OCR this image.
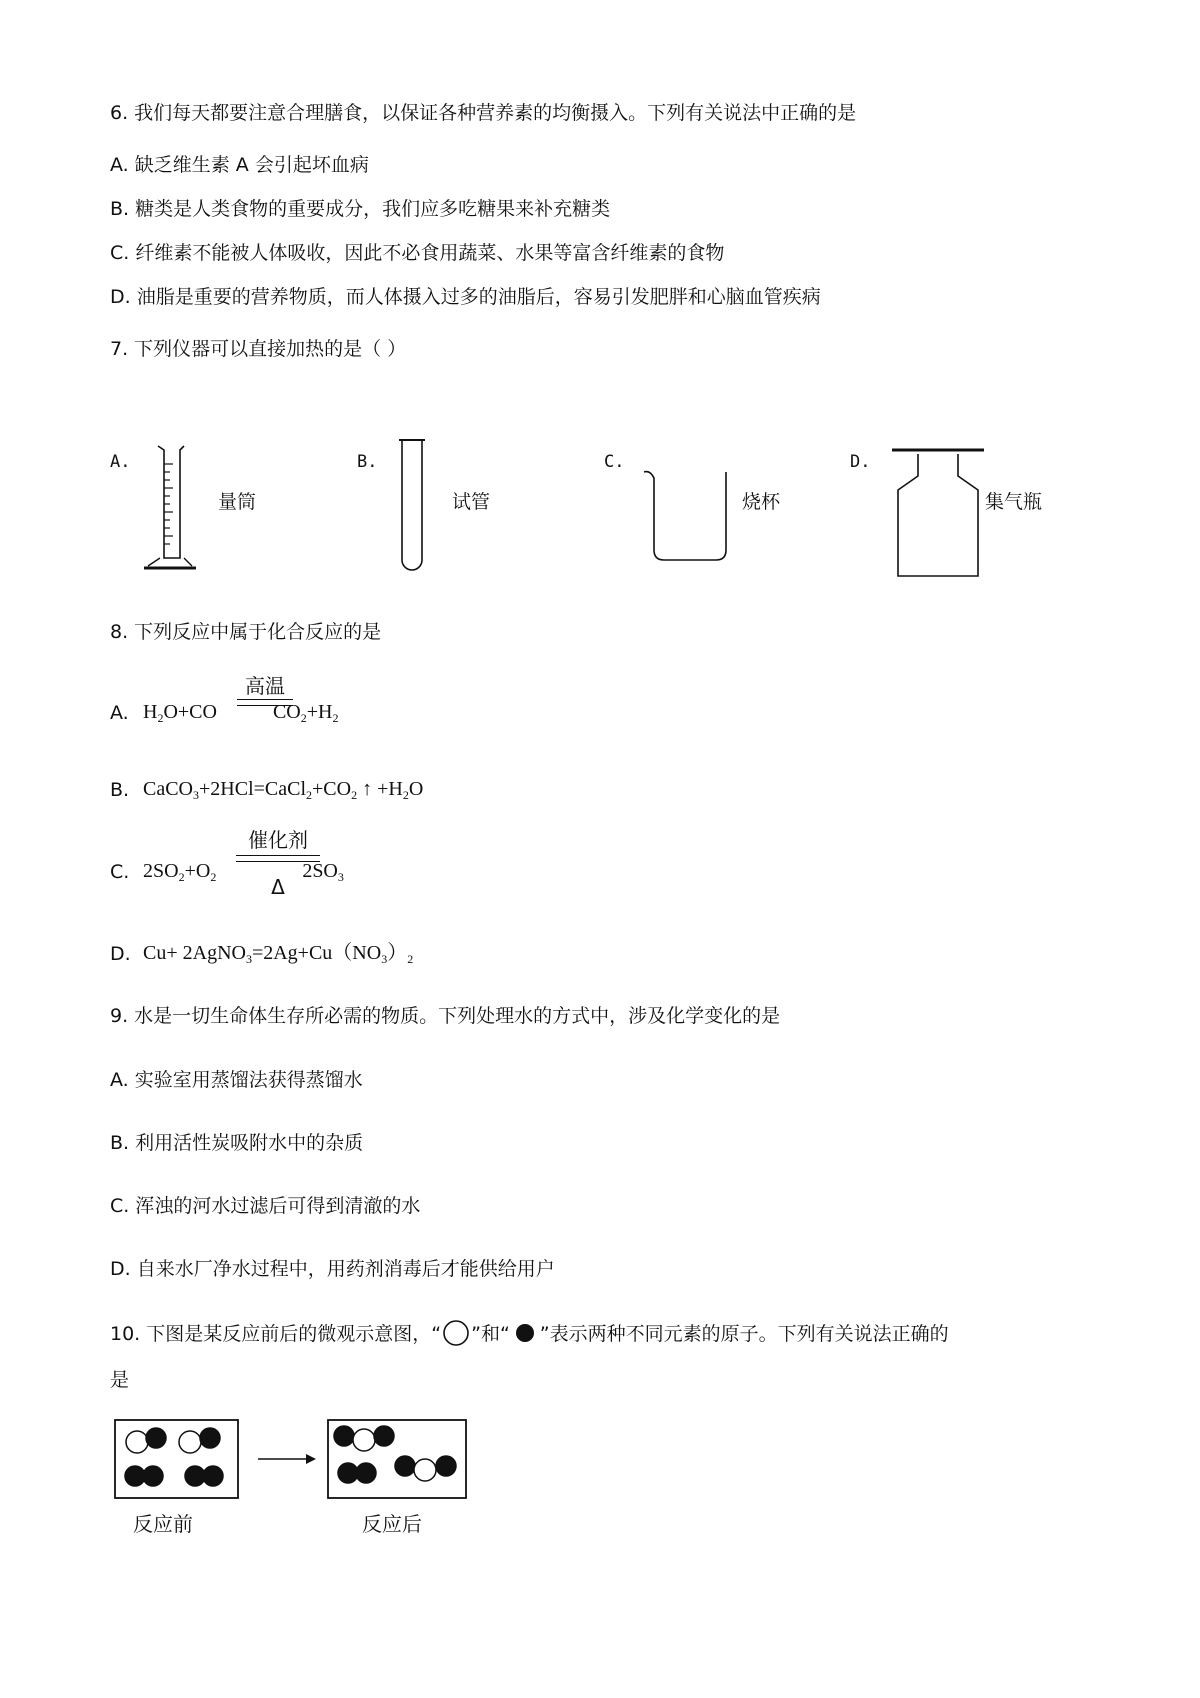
6. 我们每天都要注意合理膳食，以保证各种营养素的均衡摄入。下列有关说法中正确的是
A. 缺乏维生素 A 会引起坏血病
B. 糖类是人类食物的重要成分，我们应多吃糖果来补充糖类
C. 纤维素不能被人体吸收，因此不必食用蔬菜、水果等富含纤维素的食物
D. 油脂是重要的营养物质，而人体摄入过多的油脂后，容易引发肥胖和心脑血管疾病
7. 下列仪器可以直接加热的是（ ）
A.
量筒
B.
试管
C.
烧杯
D.
集气瓶
8. 下列反应中属于化合反应的是
A. $H_2O+CO$	$CO_2+H_2$
高温
B. $CaCO_3+2HCl=CaCl_2+CO_2$ ↑ $+H_2O$
C. $2SO_2+O_2$	$2SO_3$
催化剂
Δ
D. $Cu+ 2AgNO_3=2Ag+Cu(NO_3)_2$
9. 水是一切生命体生存所必需的物质。下列处理水的方式中，涉及化学变化的是
A. 实验室用蒸馏法获得蒸馏水
B. 利用活性炭吸附水中的杂质
C. 浑浊的河水过滤后可得到清澈的水
D. 自来水厂净水过程中，用药剂消毒后才能供给用户
10. 下图是某反应前后的微观示意图，“ ”和“ ”表示两种不同元素的原子。下列有关说法正确的
是
反应前	反应后
